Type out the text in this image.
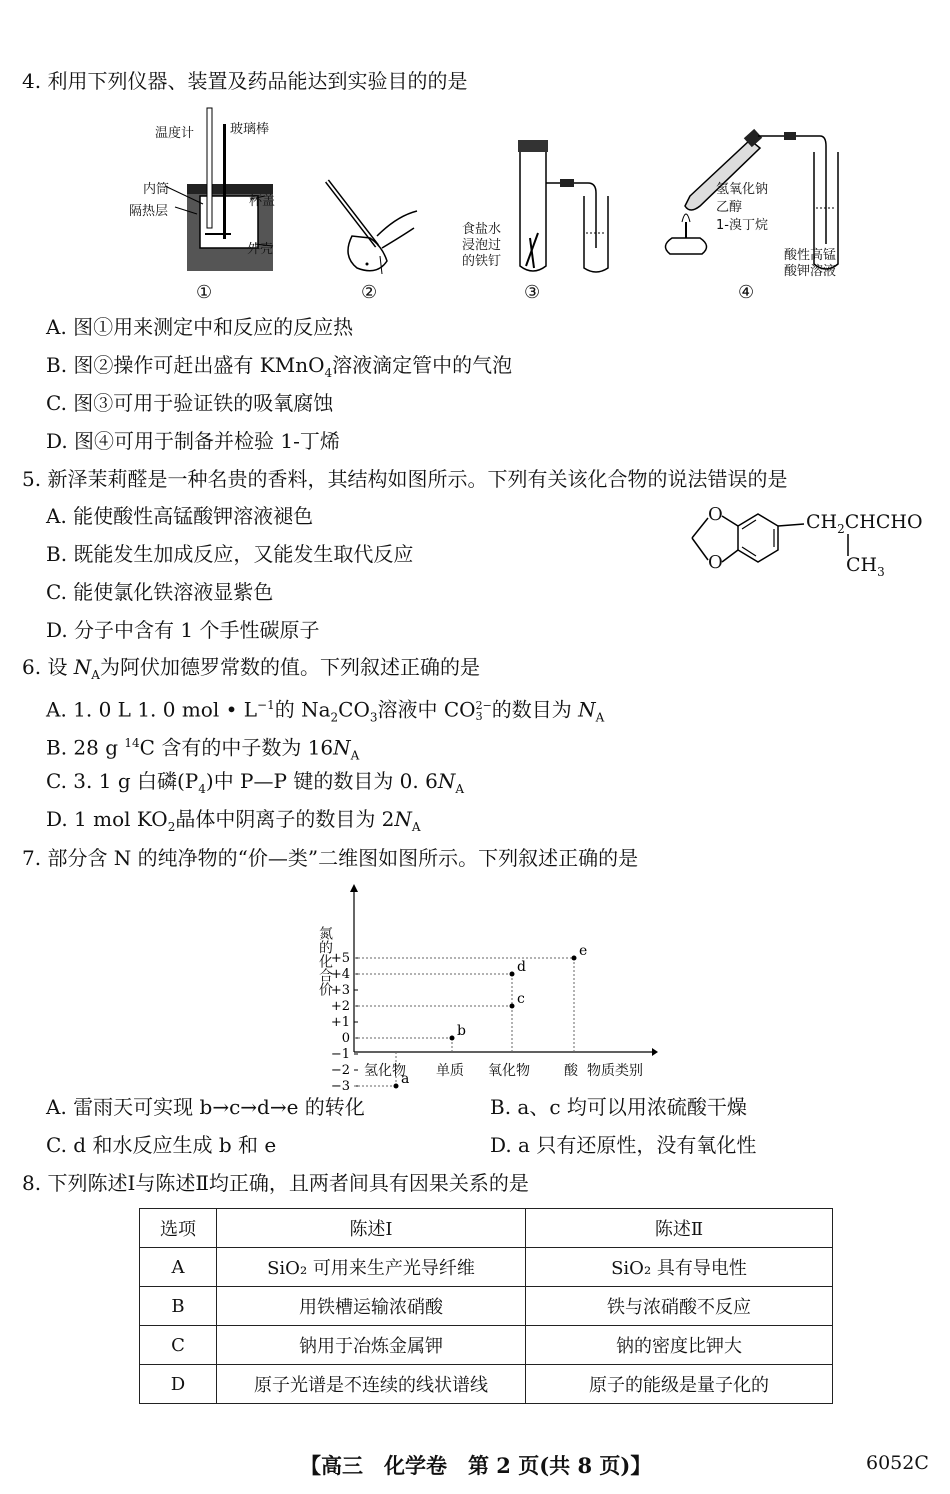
4. 利用下列仪器、装置及药品能达到实验目的的是
温度计	玻璃棒
内筒
杯盖
隔热层
外壳
食盐水
浸泡过
的铁钉
氢氧化钠
乙醇
1-溴丁烷
酸性高锰
酸钾溶液
①	②	③	④
A. 图①用来测定中和反应的反应热
B. 图②操作可赶出盛有 KMnO$_4$溶液滴定管中的气泡
C. 图③可用于验证铁的吸氧腐蚀
D. 图④可用于制备并检验 1-丁烯
5. 新泽茉莉醛是一种名贵的香料，其结构如图所示。下列有关该化合物的说法错误的是
A. 能使酸性高锰酸钾溶液褪色
B. 既能发生加成反应，又能发生取代反应
C. 能使氯化铁溶液显紫色
D. 分子中含有 1 个手性碳原子
O
O
$CH_2CHCHO$
$CH_3$
6. 设 $N_A$为阿伏加德罗常数的值。下列叙述正确的是
A. 1. 0 L 1. 0 mol • $L^{-1}$的 $Na_2CO_3$溶液中 CO2−
3 的数目为 $N_A$
B. 28 g $^{14}$C 含有的中子数为 $16N_A$
C. 3. 1 g 白磷$(P_4)$中 P—P 键的数目为 0. $6N_A$
D. 1 mol $KO_2$晶体中阴离子的数目为 $2N_A$
7. 部分含 N 的纯净物的“价—类”二维图如图所示。下列叙述正确的是
+5
+4
+3
+2
+1
0
−1
−2
−3	a
b
c
d
e
氮的化合价
氢化物 单质 氧化物 酸 物质类别
A. 雷雨天可实现 b→c→d→e 的转化	B. a、c 均可以用浓硫酸干燥
C. d 和水反应生成 b 和 e	D. a 只有还原性，没有氧化性
8. 下列陈述Ⅰ与陈述Ⅱ均正确，且两者间具有因果关系的是
选项	陈述Ⅰ	陈述Ⅱ
A	SiO₂ 可用来生产光导纤维	SiO₂ 具有导电性
B	用铁槽运输浓硝酸	铁与浓硝酸不反应
C	钠用于冶炼金属钾	钠的密度比钾大
D	原子光谱是不连续的线状谱线	原子的能级是量子化的
【高三　化学卷　第 2 页(共 8 页)】	6052C
